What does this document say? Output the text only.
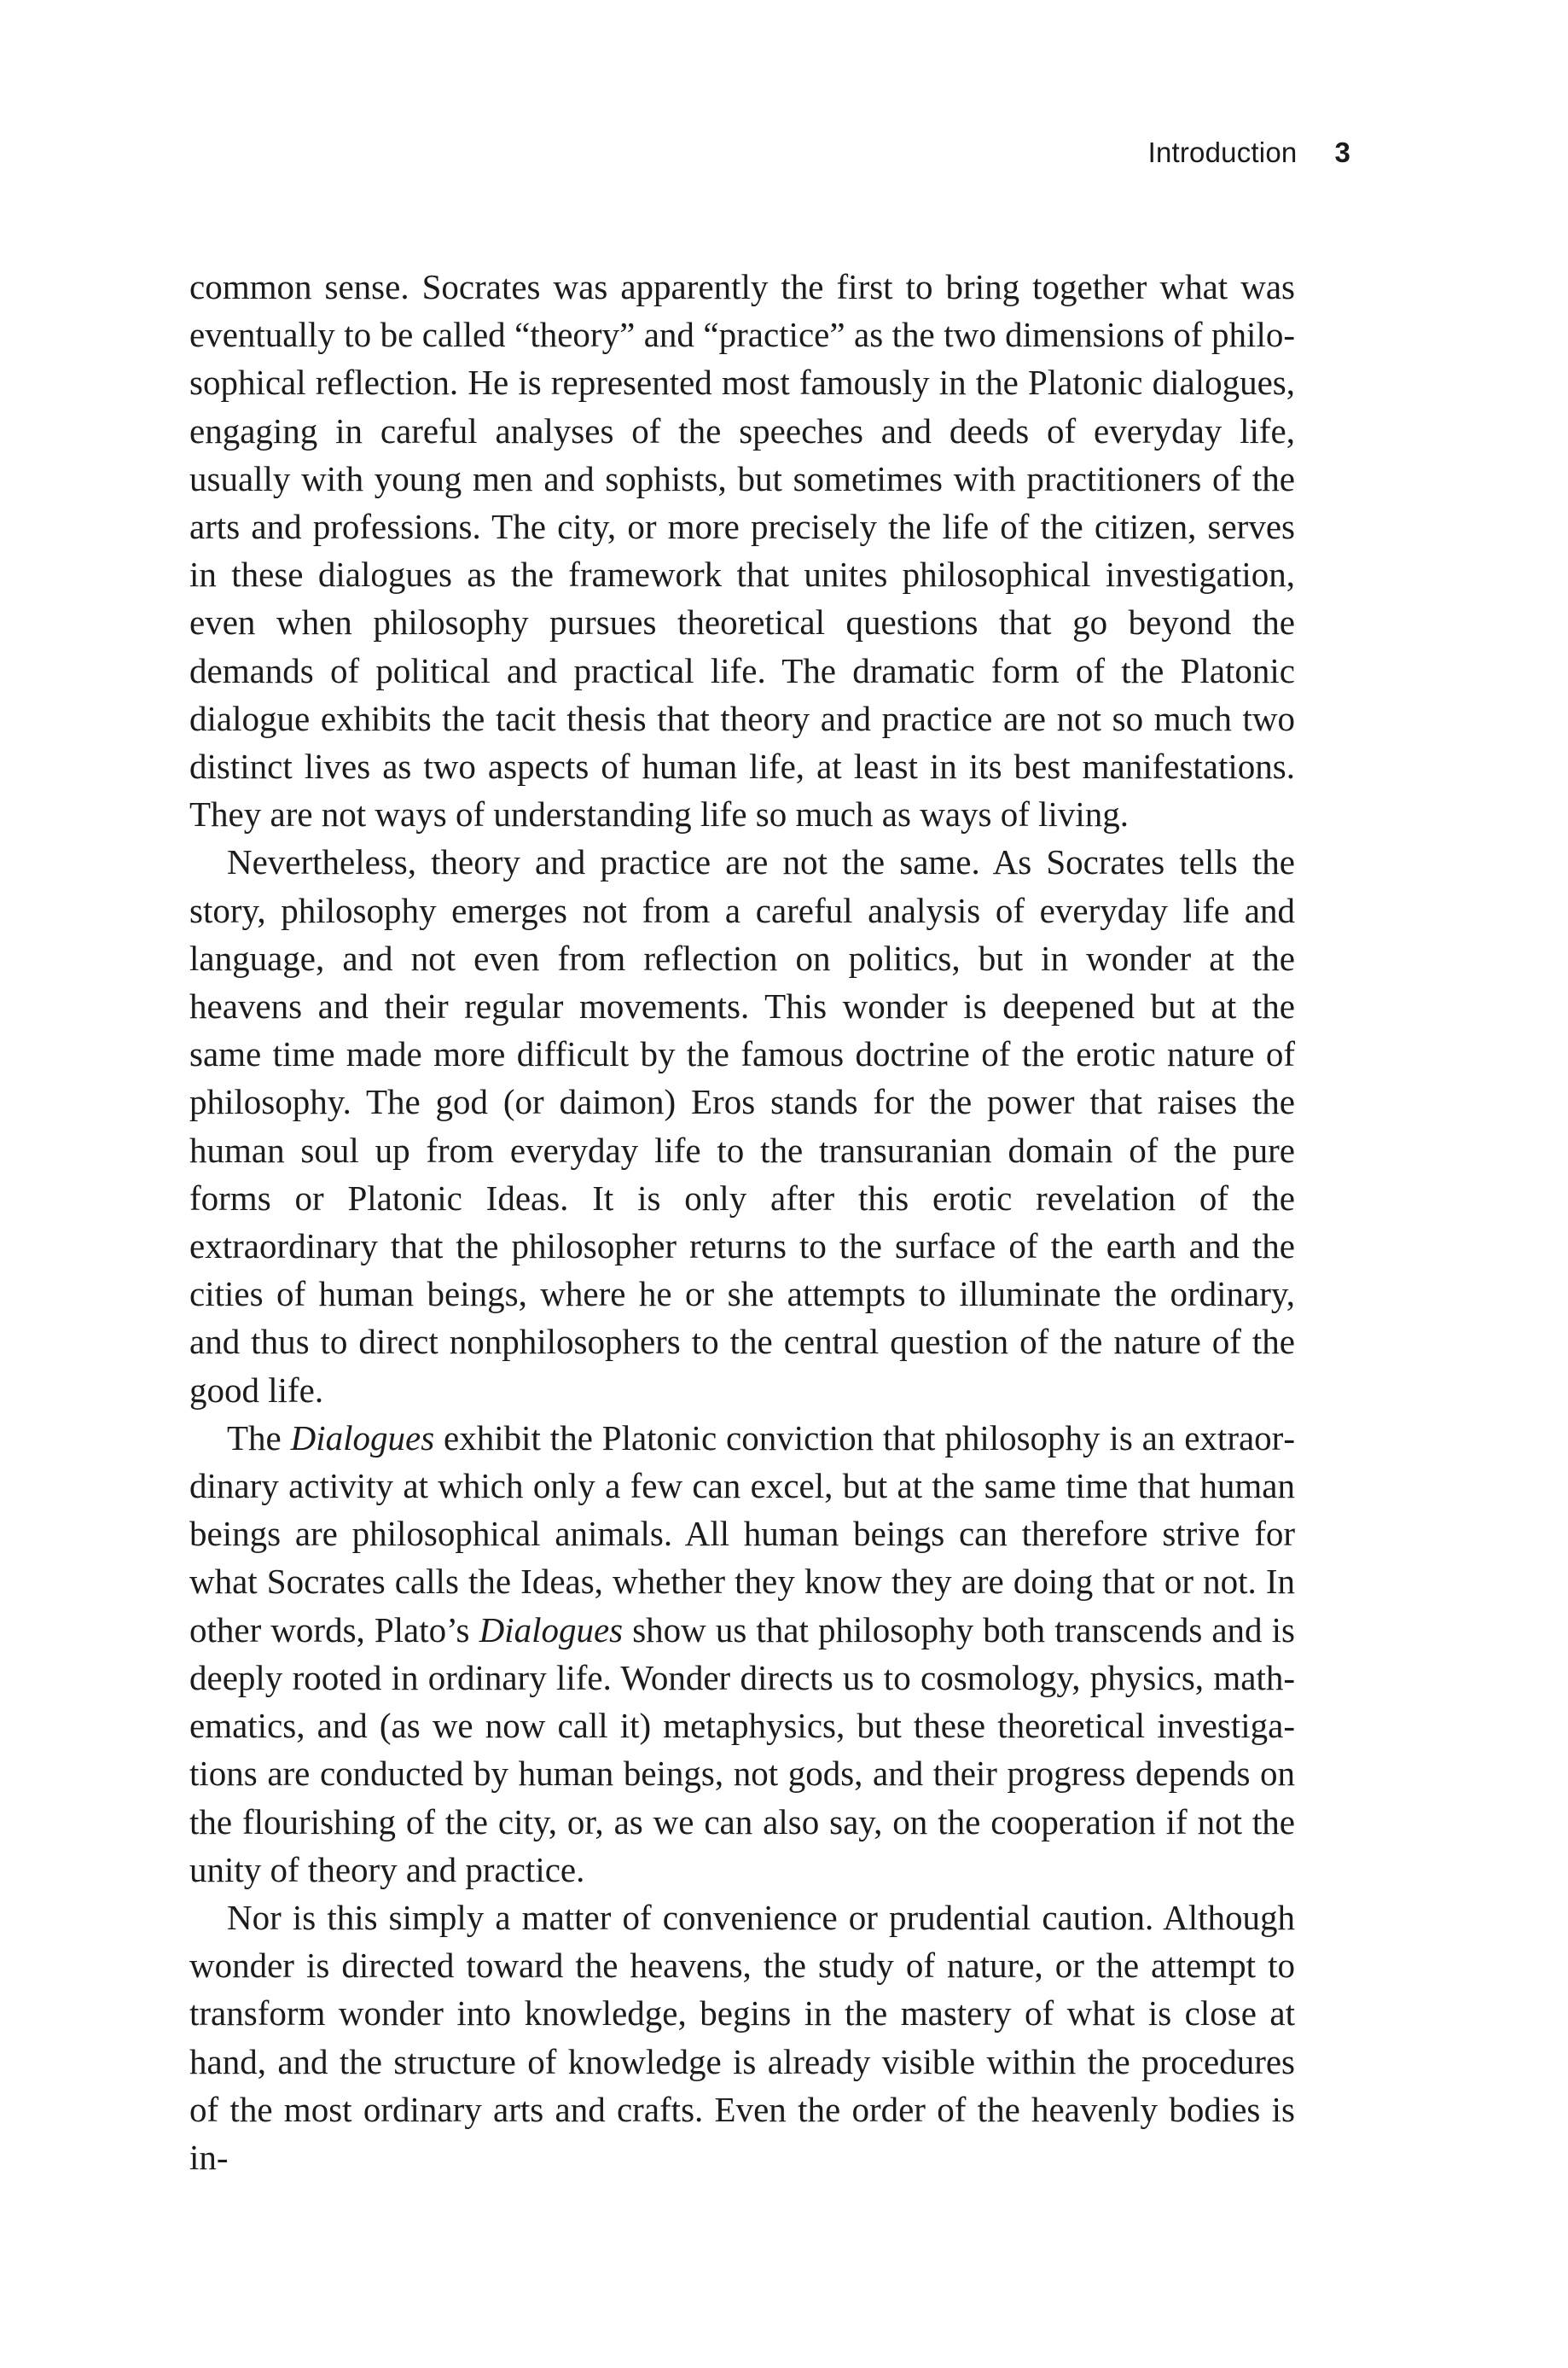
Introduction 3

common sense. Socrates was apparently the first to bring together what was eventually to be called “theory” and “practice” as the two dimensions of philosophical reflection. He is represented most famously in the Platonic dialogues, engaging in careful analyses of the speeches and deeds of everyday life, usually with young men and sophists, but sometimes with practitioners of the arts and professions. The city, or more precisely the life of the citizen, serves in these dialogues as the framework that unites philosophical investigation, even when philosophy pursues theoretical questions that go beyond the demands of political and practical life. The dramatic form of the Platonic dialogue exhibits the tacit thesis that theory and practice are not so much two distinct lives as two aspects of human life, at least in its best manifestations. They are not ways of understanding life so much as ways of living.

Nevertheless, theory and practice are not the same. As Socrates tells the story, philosophy emerges not from a careful analysis of everyday life and language, and not even from reflection on politics, but in wonder at the heavens and their regular movements. This wonder is deepened but at the same time made more difficult by the famous doctrine of the erotic nature of philosophy. The god (or daimon) Eros stands for the power that raises the human soul up from everyday life to the transuranian domain of the pure forms or Platonic Ideas. It is only after this erotic revelation of the extraordinary that the philosopher returns to the surface of the earth and the cities of human beings, where he or she attempts to illuminate the ordinary, and thus to direct nonphilosophers to the central question of the nature of the good life.

The Dialogues exhibit the Platonic conviction that philosophy is an extraordinary activity at which only a few can excel, but at the same time that human beings are philosophical animals. All human beings can therefore strive for what Socrates calls the Ideas, whether they know they are doing that or not. In other words, Plato’s Dialogues show us that philosophy both transcends and is deeply rooted in ordinary life. Wonder directs us to cosmology, physics, mathematics, and (as we now call it) metaphysics, but these theoretical investigations are conducted by human beings, not gods, and their progress depends on the flourishing of the city, or, as we can also say, on the cooperation if not the unity of theory and practice.

Nor is this simply a matter of convenience or prudential caution. Although wonder is directed toward the heavens, the study of nature, or the attempt to transform wonder into knowledge, begins in the mastery of what is close at hand, and the structure of knowledge is already visible within the procedures of the most ordinary arts and crafts. Even the order of the heavenly bodies is in-
